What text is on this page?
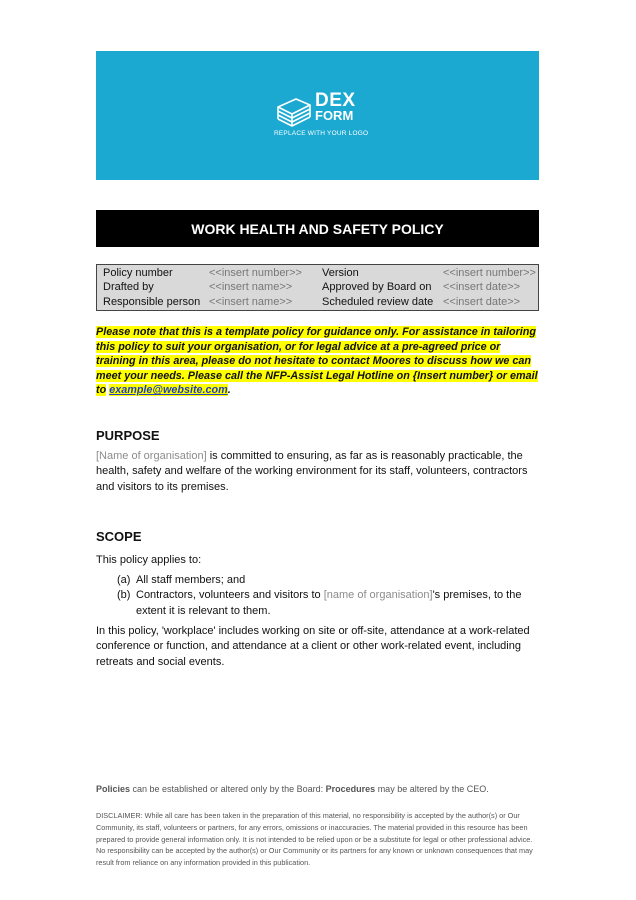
DEX
FORM
REPLACE WITH YOUR LOGO
WORK HEALTH AND SAFETY POLICY
Policy number	<<insert number>>	Version	<<insert number>>
Drafted by	<<insert name>>	Approved by Board on	<<insert date>>
Responsible person <<insert name>>	Scheduled review date <<insert date>>
Please note that this is a template policy for guidance only. For assistance in tailoring this policy to suit your organisation, or for legal advice at a pre-agreed price or training in this area, please do not hesitate to contact Moores to discuss how we can meet your needs. Please call the NFP-Assist Legal Hotline on {Insert number} or email to example@website.com.
PURPOSE
[Name of organisation] is committed to ensuring, as far as is reasonably practicable, the health, safety and welfare of the working environment for its staff, volunteers, contractors and visitors to its premises.
SCOPE
This policy applies to:
(a) All staff members; and
(b) Contractors, volunteers and visitors to [name of organisation]'s premises, to the extent it is relevant to them.
In this policy, 'workplace' includes working on site or off-site, attendance at a work-related conference or function, and attendance at a client or other work-related event, including retreats and social events.
Policies can be established or altered only by the Board: Procedures may be altered by the CEO.
DISCLAIMER: While all care has been taken in the preparation of this material, no responsibility is accepted by the author(s) or Our Community, its staff, volunteers or partners, for any errors, omissions or inaccuracies. The material provided in this resource has been prepared to provide general information only. It is not intended to be relied upon or be a substitute for legal or other professional advice. No responsibility can be accepted by the author(s) or Our Community or its partners for any known or unknown consequences that may result from reliance on any information provided in this publication.
